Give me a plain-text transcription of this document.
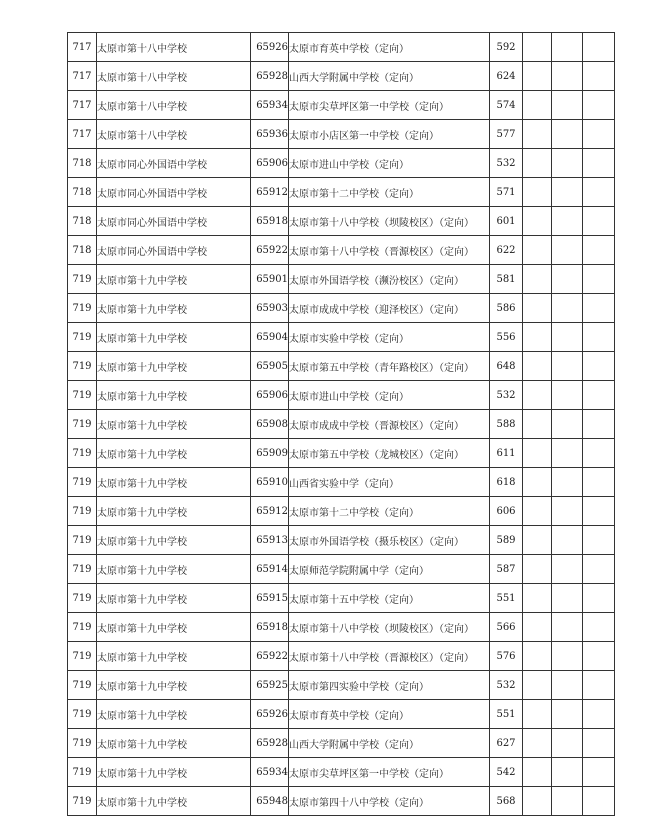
717	太原市第十八中学校	65926	太原市育英中学校（定向）	592			
717	太原市第十八中学校	65928	山西大学附属中学校（定向）	624			
717	太原市第十八中学校	65934	太原市尖草坪区第一中学校（定向）	574			
717	太原市第十八中学校	65936	太原市小店区第一中学校（定向）	577			
718	太原市同心外国语中学校	65906	太原市进山中学校（定向）	532			
718	太原市同心外国语中学校	65912	太原市第十二中学校（定向）	571			
718	太原市同心外国语中学校	65918	太原市第十八中学校（坝陵校区）（定向）	601			
718	太原市同心外国语中学校	65922	太原市第十八中学校（晋源校区）（定向）	622			
719	太原市第十九中学校	65901	太原市外国语学校（濒汾校区）（定向）	581			
719	太原市第十九中学校	65903	太原市成成中学校（迎泽校区）（定向）	586			
719	太原市第十九中学校	65904	太原市实验中学校（定向）	556			
719	太原市第十九中学校	65905	太原市第五中学校（青年路校区）（定向）	648			
719	太原市第十九中学校	65906	太原市进山中学校（定向）	532			
719	太原市第十九中学校	65908	太原市成成中学校（晋源校区）（定向）	588			
719	太原市第十九中学校	65909	太原市第五中学校（龙城校区）（定向）	611			
719	太原市第十九中学校	65910	山西省实验中学（定向）	618			
719	太原市第十九中学校	65912	太原市第十二中学校（定向）	606			
719	太原市第十九中学校	65913	太原市外国语学校（摄乐校区）（定向）	589			
719	太原市第十九中学校	65914	太原师范学院附属中学（定向）	587			
719	太原市第十九中学校	65915	太原市第十五中学校（定向）	551			
719	太原市第十九中学校	65918	太原市第十八中学校（坝陵校区）（定向）	566			
719	太原市第十九中学校	65922	太原市第十八中学校（晋源校区）（定向）	576			
719	太原市第十九中学校	65925	太原市第四实验中学校（定向）	532			
719	太原市第十九中学校	65926	太原市育英中学校（定向）	551			
719	太原市第十九中学校	65928	山西大学附属中学校（定向）	627			
719	太原市第十九中学校	65934	太原市尖草坪区第一中学校（定向）	542			
719	太原市第十九中学校	65948	太原市第四十八中学校（定向）	568			
